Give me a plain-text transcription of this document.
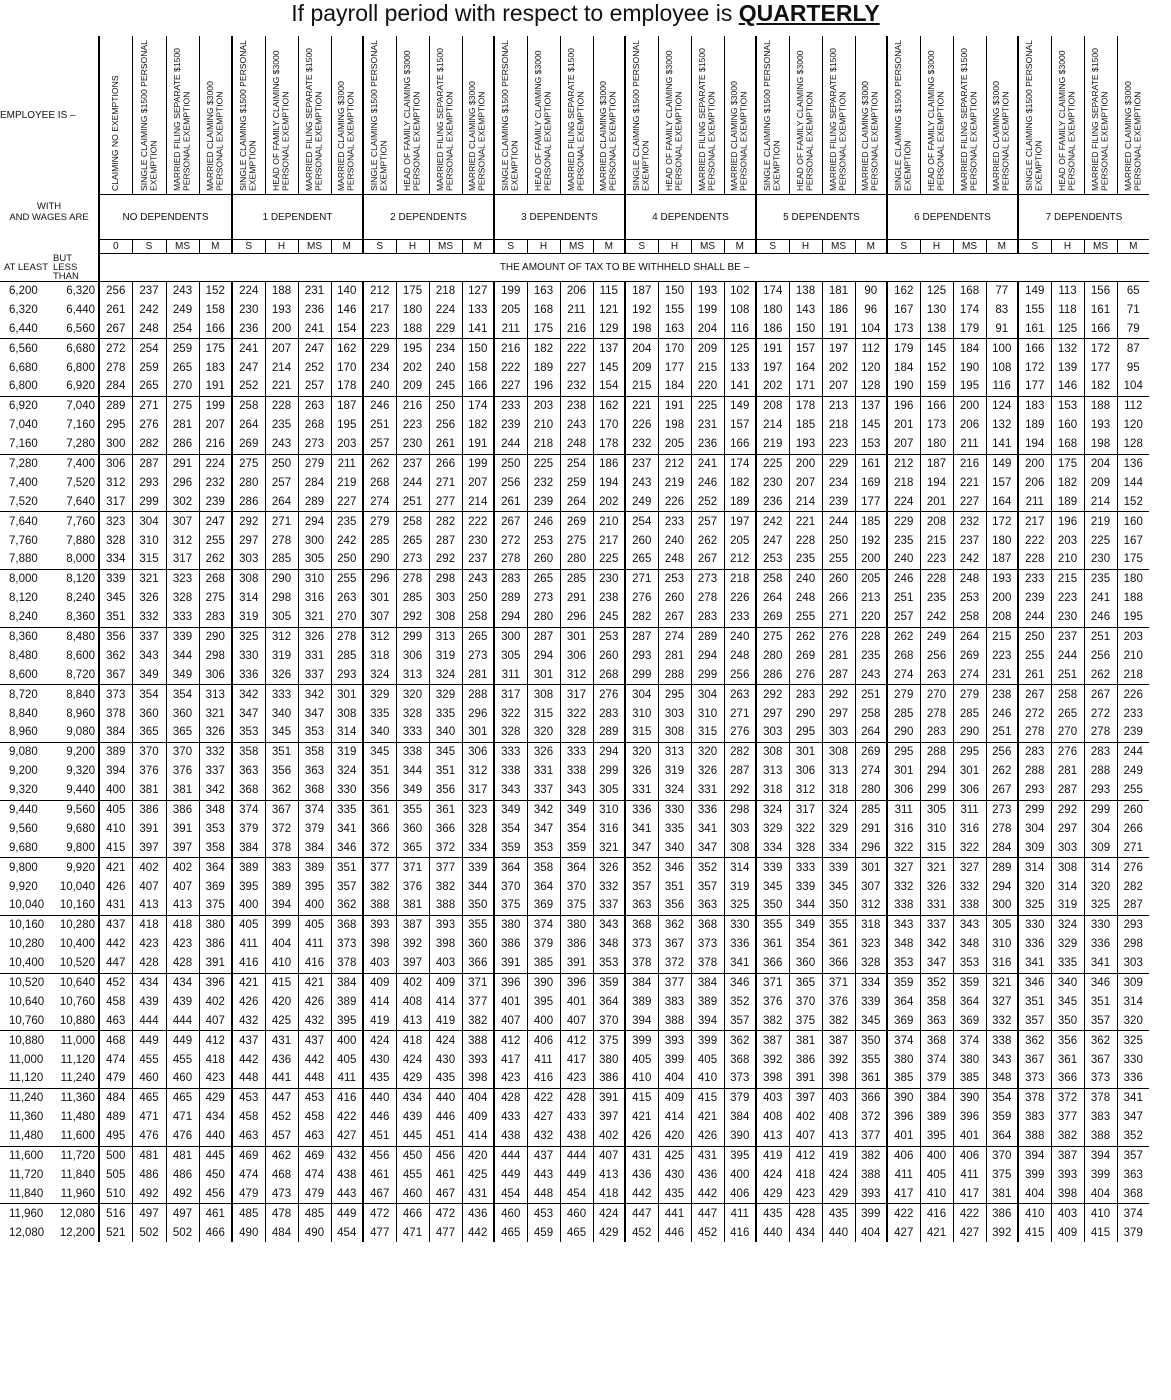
If payroll period with respect to employee is QUARTERLY
EMPLOYEE IS –		CLAIMING NO EXEMPTIONS	SINGLE CLAIMING $1500 PERSONAL EXEMPTION	MARRIED FILING SEPARATE $1500 PERSONAL EXEMPTION	MARRIED CLAIMING $3000 PERSONAL EXEMPTION	SINGLE CLAIMING $1500 PERSONAL EXEMPTION	HEAD OF FAMILY CLAIMING $3000 PERSONAL EXEMPTION	MARRIED FILING SEPARATE $1500 PERSONAL EXEMPTION	MARRIED CLAIMING $3000 PERSONAL EXEMPTION	SINGLE CLAIMING $1500 PERSONAL EXEMPTION	HEAD OF FAMILY CLAIMING $3000 PERSONAL EXEMPTION	MARRIED FILING SEPARATE $1500 PERSONAL EXEMPTION	MARRIED CLAIMING $3000 PERSONAL EXEMPTION	SINGLE CLAIMING $1500 PERSONAL EXEMPTION	HEAD OF FAMILY CLAIMING $3000 PERSONAL EXEMPTION	MARRIED FILING SEPARATE $1500 PERSONAL EXEMPTION	MARRIED CLAIMING $3000 PERSONAL EXEMPTION	SINGLE CLAIMING $1500 PERSONAL EXEMPTION	HEAD OF FAMILY CLAIMING $3000 PERSONAL EXEMPTION	MARRIED FILING SEPARATE $1500 PERSONAL EXEMPTION	MARRIED CLAIMING $3000 PERSONAL EXEMPTION	SINGLE CLAIMING $1500 PERSONAL EXEMPTION	HEAD OF FAMILY CLAIMING $3000 PERSONAL EXEMPTION	MARRIED FILING SEPARATE $1500 PERSONAL EXEMPTION	MARRIED CLAIMING $3000 PERSONAL EXEMPTION	SINGLE CLAIMING $1500 PERSONAL EXEMPTION	HEAD OF FAMILY CLAIMING $3000 PERSONAL EXEMPTION	MARRIED FILING SEPARATE $1500 PERSONAL EXEMPTION	MARRIED CLAIMING $3000 PERSONAL EXEMPTION	SINGLE CLAIMING $1500 PERSONAL EXEMPTION	HEAD OF FAMILY CLAIMING $3000 PERSONAL EXEMPTION	MARRIED FILING SEPARATE $1500 PERSONAL EXEMPTION	MARRIED CLAIMING $3000 PERSONAL EXEMPTION

WITH
AND WAGES ARE		NO DEPENDENTS				1 DEPENDENT				2 DEPENDENTS				3 DEPENDENTS				4 DEPENDENTS				5 DEPENDENTS				6 DEPENDENTS				7 DEPENDENTS			
		0	S	MS	M	S	H	MS	M	S	H	MS	M	S	H	MS	M	S	H	MS	M	S	H	MS	M	S	H	MS	M	S	H	MS	M
AT LEAST	BUT LESS THAN	THE AMOUNT OF TAX TO BE WITHHELD SHALL BE –																															
6,200	6,320	256	237	243	152	224	188	231	140	212	175	218	127	199	163	206	115	187	150	193	102	174	138	181	90	162	125	168	77	149	113	156	65
6,320	6,440	261	242	249	158	230	193	236	146	217	180	224	133	205	168	211	121	192	155	199	108	180	143	186	96	167	130	174	83	155	118	161	71
6,440	6,560	267	248	254	166	236	200	241	154	223	188	229	141	211	175	216	129	198	163	204	116	186	150	191	104	173	138	179	91	161	125	166	79
6,560	6,680	272	254	259	175	241	207	247	162	229	195	234	150	216	182	222	137	204	170	209	125	191	157	197	112	179	145	184	100	166	132	172	87
6,680	6,800	278	259	265	183	247	214	252	170	234	202	240	158	222	189	227	145	209	177	215	133	197	164	202	120	184	152	190	108	172	139	177	95
6,800	6,920	284	265	270	191	252	221	257	178	240	209	245	166	227	196	232	154	215	184	220	141	202	171	207	128	190	159	195	116	177	146	182	104
6,920	7,040	289	271	275	199	258	228	263	187	246	216	250	174	233	203	238	162	221	191	225	149	208	178	213	137	196	166	200	124	183	153	188	112
7,040	7,160	295	276	281	207	264	235	268	195	251	223	256	182	239	210	243	170	226	198	231	157	214	185	218	145	201	173	206	132	189	160	193	120
7,160	7,280	300	282	286	216	269	243	273	203	257	230	261	191	244	218	248	178	232	205	236	166	219	193	223	153	207	180	211	141	194	168	198	128
7,280	7,400	306	287	291	224	275	250	279	211	262	237	266	199	250	225	254	186	237	212	241	174	225	200	229	161	212	187	216	149	200	175	204	136
7,400	7,520	312	293	296	232	280	257	284	219	268	244	271	207	256	232	259	194	243	219	246	182	230	207	234	169	218	194	221	157	206	182	209	144
7,520	7,640	317	299	302	239	286	264	289	227	274	251	277	214	261	239	264	202	249	226	252	189	236	214	239	177	224	201	227	164	211	189	214	152
7,640	7,760	323	304	307	247	292	271	294	235	279	258	282	222	267	246	269	210	254	233	257	197	242	221	244	185	229	208	232	172	217	196	219	160
7,760	7,880	328	310	312	255	297	278	300	242	285	265	287	230	272	253	275	217	260	240	262	205	247	228	250	192	235	215	237	180	222	203	225	167
7,880	8,000	334	315	317	262	303	285	305	250	290	273	292	237	278	260	280	225	265	248	267	212	253	235	255	200	240	223	242	187	228	210	230	175
8,000	8,120	339	321	323	268	308	290	310	255	296	278	298	243	283	265	285	230	271	253	273	218	258	240	260	205	246	228	248	193	233	215	235	180
8,120	8,240	345	326	328	275	314	298	316	263	301	285	303	250	289	273	291	238	276	260	278	226	264	248	266	213	251	235	253	200	239	223	241	188
8,240	8,360	351	332	333	283	319	305	321	270	307	292	308	258	294	280	296	245	282	267	283	233	269	255	271	220	257	242	258	208	244	230	246	195
8,360	8,480	356	337	339	290	325	312	326	278	312	299	313	265	300	287	301	253	287	274	289	240	275	262	276	228	262	249	264	215	250	237	251	203
8,480	8,600	362	343	344	298	330	319	331	285	318	306	319	273	305	294	306	260	293	281	294	248	280	269	281	235	268	256	269	223	255	244	256	210
8,600	8,720	367	349	349	306	336	326	337	293	324	313	324	281	311	301	312	268	299	288	299	256	286	276	287	243	274	263	274	231	261	251	262	218
8,720	8,840	373	354	354	313	342	333	342	301	329	320	329	288	317	308	317	276	304	295	304	263	292	283	292	251	279	270	279	238	267	258	267	226
8,840	8,960	378	360	360	321	347	340	347	308	335	328	335	296	322	315	322	283	310	303	310	271	297	290	297	258	285	278	285	246	272	265	272	233
8,960	9,080	384	365	365	326	353	345	353	314	340	333	340	301	328	320	328	289	315	308	315	276	303	295	303	264	290	283	290	251	278	270	278	239
9,080	9,200	389	370	370	332	358	351	358	319	345	338	345	306	333	326	333	294	320	313	320	282	308	301	308	269	295	288	295	256	283	276	283	244
9,200	9,320	394	376	376	337	363	356	363	324	351	344	351	312	338	331	338	299	326	319	326	287	313	306	313	274	301	294	301	262	288	281	288	249
9,320	9,440	400	381	381	342	368	362	368	330	356	349	356	317	343	337	343	305	331	324	331	292	318	312	318	280	306	299	306	267	293	287	293	255
9,440	9,560	405	386	386	348	374	367	374	335	361	355	361	323	349	342	349	310	336	330	336	298	324	317	324	285	311	305	311	273	299	292	299	260
9,560	9,680	410	391	391	353	379	372	379	341	366	360	366	328	354	347	354	316	341	335	341	303	329	322	329	291	316	310	316	278	304	297	304	266
9,680	9,800	415	397	397	358	384	378	384	346	372	365	372	334	359	353	359	321	347	340	347	308	334	328	334	296	322	315	322	284	309	303	309	271
9,800	9,920	421	402	402	364	389	383	389	351	377	371	377	339	364	358	364	326	352	346	352	314	339	333	339	301	327	321	327	289	314	308	314	276
9,920	10,040	426	407	407	369	395	389	395	357	382	376	382	344	370	364	370	332	357	351	357	319	345	339	345	307	332	326	332	294	320	314	320	282
10,040	10,160	431	413	413	375	400	394	400	362	388	381	388	350	375	369	375	337	363	356	363	325	350	344	350	312	338	331	338	300	325	319	325	287
10,160	10,280	437	418	418	380	405	399	405	368	393	387	393	355	380	374	380	343	368	362	368	330	355	349	355	318	343	337	343	305	330	324	330	293
10,280	10,400	442	423	423	386	411	404	411	373	398	392	398	360	386	379	386	348	373	367	373	336	361	354	361	323	348	342	348	310	336	329	336	298
10,400	10,520	447	428	428	391	416	410	416	378	403	397	403	366	391	385	391	353	378	372	378	341	366	360	366	328	353	347	353	316	341	335	341	303
10,520	10,640	452	434	434	396	421	415	421	384	409	402	409	371	396	390	396	359	384	377	384	346	371	365	371	334	359	352	359	321	346	340	346	309
10,640	10,760	458	439	439	402	426	420	426	389	414	408	414	377	401	395	401	364	389	383	389	352	376	370	376	339	364	358	364	327	351	345	351	314
10,760	10,880	463	444	444	407	432	425	432	395	419	413	419	382	407	400	407	370	394	388	394	357	382	375	382	345	369	363	369	332	357	350	357	320
10,880	11,000	468	449	449	412	437	431	437	400	424	418	424	388	412	406	412	375	399	393	399	362	387	381	387	350	374	368	374	338	362	356	362	325
11,000	11,120	474	455	455	418	442	436	442	405	430	424	430	393	417	411	417	380	405	399	405	368	392	386	392	355	380	374	380	343	367	361	367	330
11,120	11,240	479	460	460	423	448	441	448	411	435	429	435	398	423	416	423	386	410	404	410	373	398	391	398	361	385	379	385	348	373	366	373	336
11,240	11,360	484	465	465	429	453	447	453	416	440	434	440	404	428	422	428	391	415	409	415	379	403	397	403	366	390	384	390	354	378	372	378	341
11,360	11,480	489	471	471	434	458	452	458	422	446	439	446	409	433	427	433	397	421	414	421	384	408	402	408	372	396	389	396	359	383	377	383	347
11,480	11,600	495	476	476	440	463	457	463	427	451	445	451	414	438	432	438	402	426	420	426	390	413	407	413	377	401	395	401	364	388	382	388	352
11,600	11,720	500	481	481	445	469	462	469	432	456	450	456	420	444	437	444	407	431	425	431	395	419	412	419	382	406	400	406	370	394	387	394	357
11,720	11,840	505	486	486	450	474	468	474	438	461	455	461	425	449	443	449	413	436	430	436	400	424	418	424	388	411	405	411	375	399	393	399	363
11,840	11,960	510	492	492	456	479	473	479	443	467	460	467	431	454	448	454	418	442	435	442	406	429	423	429	393	417	410	417	381	404	398	404	368
11,960	12,080	516	497	497	461	485	478	485	449	472	466	472	436	460	453	460	424	447	441	447	411	435	428	435	399	422	416	422	386	410	403	410	374
12,080	12,200	521	502	502	466	490	484	490	454	477	471	477	442	465	459	465	429	452	446	452	416	440	434	440	404	427	421	427	392	415	409	415	379
